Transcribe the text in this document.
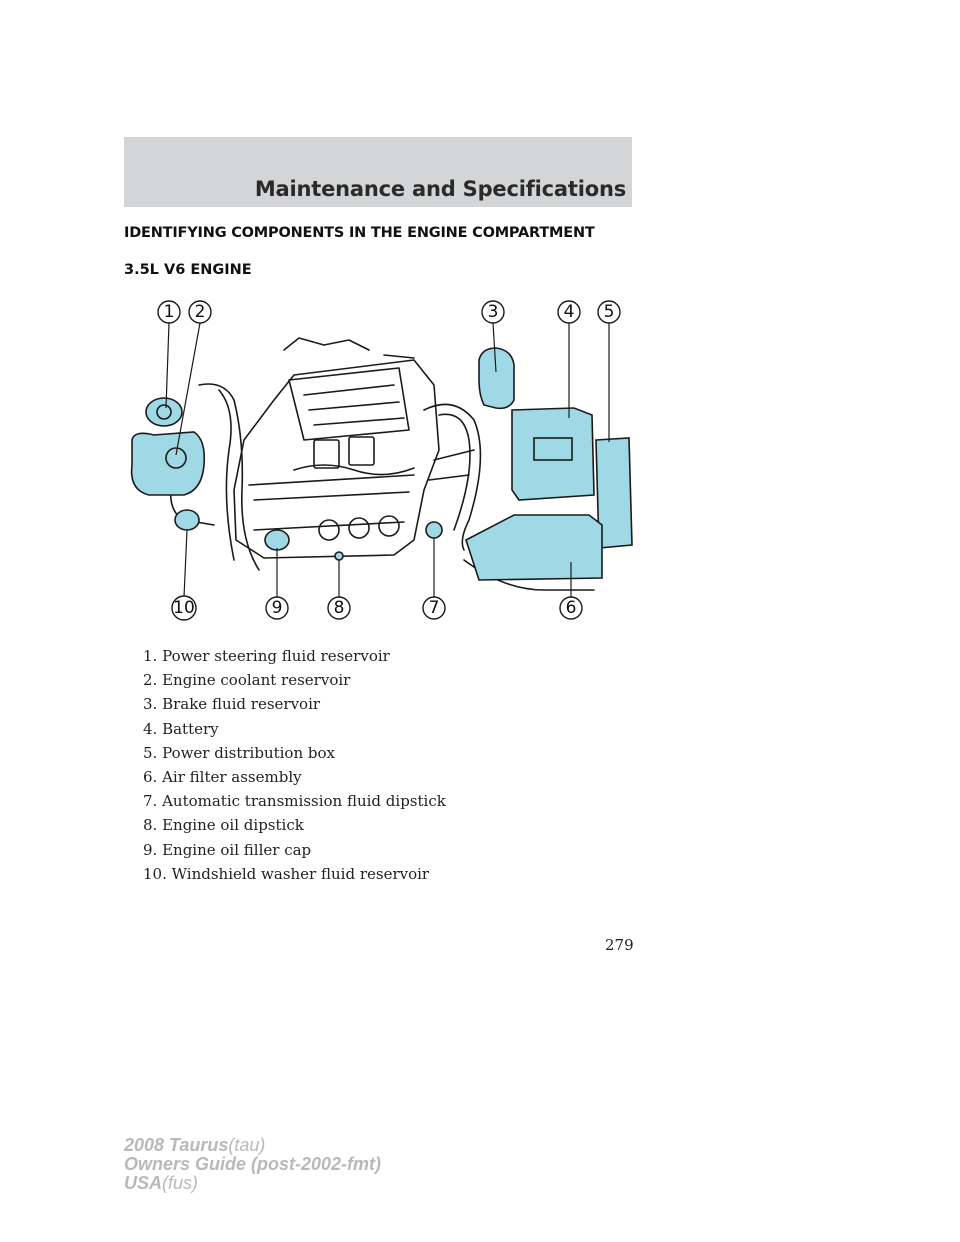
Maintenance and Specifications
IDENTIFYING COMPONENTS IN THE ENGINE COMPARTMENT
3.5L V6 ENGINE
1 2	3	4 5
6
7
8
9
10
1. Power steering fluid reservoir
2. Engine coolant reservoir
3. Brake fluid reservoir
4. Battery
5. Power distribution box
6. Air filter assembly
7. Automatic transmission fluid dipstick
8. Engine oil dipstick
9. Engine oil filler cap
10. Windshield washer fluid reservoir
279
2008 Taurus(tau)
Owners Guide (post-2002-fmt)
USA(fus)
